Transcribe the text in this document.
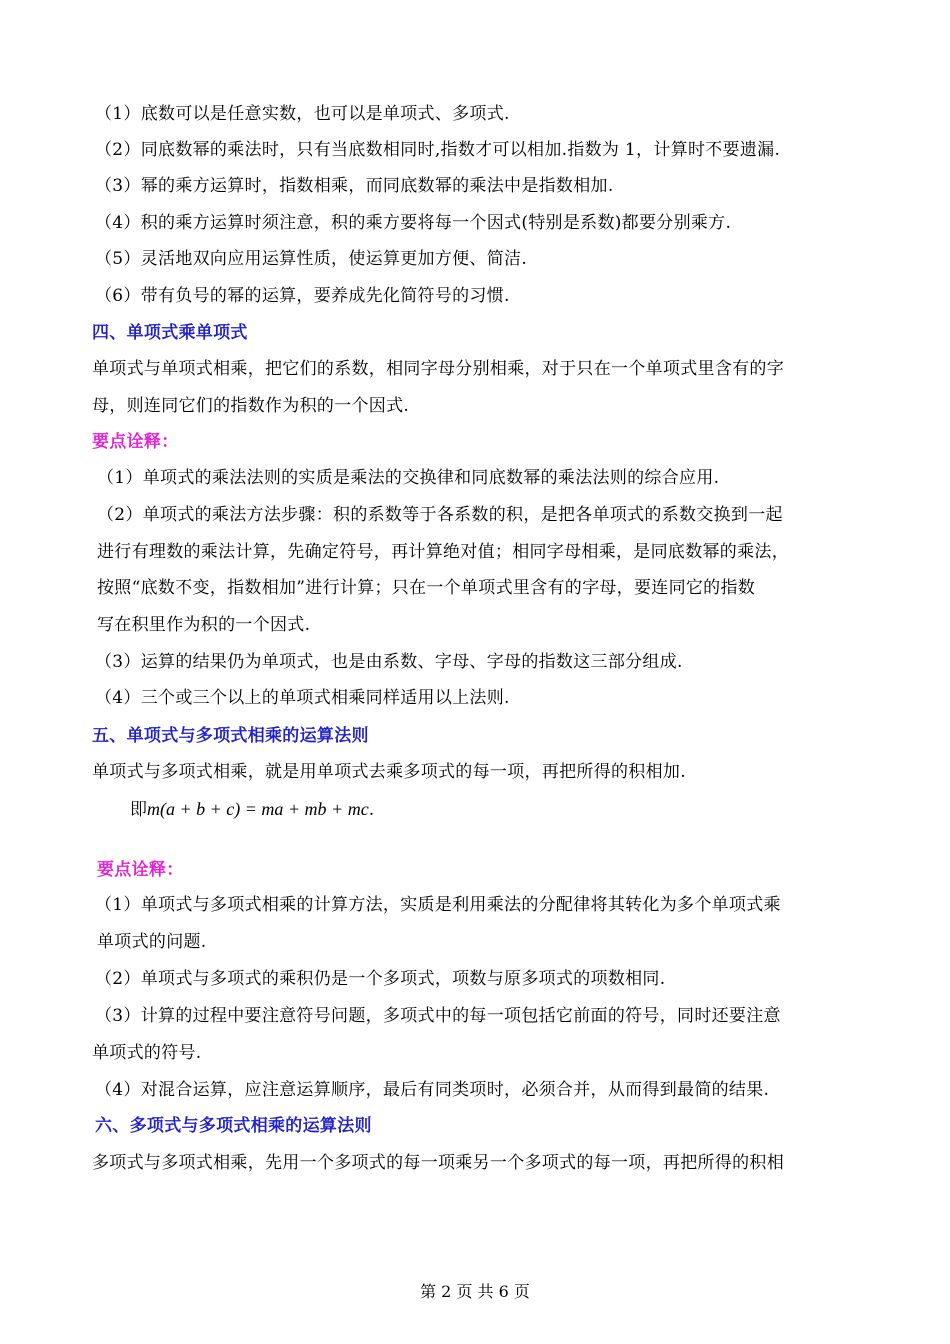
（1）底数可以是任意实数，也可以是单项式、多项式.
（2）同底数幂的乘法时，只有当底数相同时,指数才可以相加.指数为 1，计算时不要遗漏.
（3）幂的乘方运算时，指数相乘，而同底数幂的乘法中是指数相加.
（4）积的乘方运算时须注意，积的乘方要将每一个因式(特别是系数)都要分别乘方.
（5）灵活地双向应用运算性质，使运算更加方便、简洁.
（6）带有负号的幂的运算，要养成先化简符号的习惯.
四、单项式乘单项式
单项式与单项式相乘，把它们的系数，相同字母分别相乘，对于只在一个单项式里含有的字
母，则连同它们的指数作为积的一个因式.
要点诠释：
（1）单项式的乘法法则的实质是乘法的交换律和同底数幂的乘法法则的综合应用.
（2）单项式的乘法方法步骤：积的系数等于各系数的积，是把各单项式的系数交换到一起
进行有理数的乘法计算，先确定符号，再计算绝对值；相同字母相乘，是同底数幂的乘法，
按照“底数不变，指数相加”进行计算；只在一个单项式里含有的字母，要连同它的指数
写在积里作为积的一个因式.
（3）运算的结果仍为单项式，也是由系数、字母、字母的指数这三部分组成.
（4）三个或三个以上的单项式相乘同样适用以上法则.
五、单项式与多项式相乘的运算法则
单项式与多项式相乘，就是用单项式去乘多项式的每一项，再把所得的积相加.
即m(a + b + c) = ma + mb + mc.
要点诠释：
（1）单项式与多项式相乘的计算方法，实质是利用乘法的分配律将其转化为多个单项式乘
单项式的问题.
（2）单项式与多项式的乘积仍是一个多项式，项数与原多项式的项数相同.
（3）计算的过程中要注意符号问题，多项式中的每一项包括它前面的符号，同时还要注意
单项式的符号.
（4）对混合运算，应注意运算顺序，最后有同类项时，必须合并，从而得到最简的结果.
六、多项式与多项式相乘的运算法则
多项式与多项式相乘，先用一个多项式的每一项乘另一个多项式的每一项，再把所得的积相
第 2 页 共 6 页
